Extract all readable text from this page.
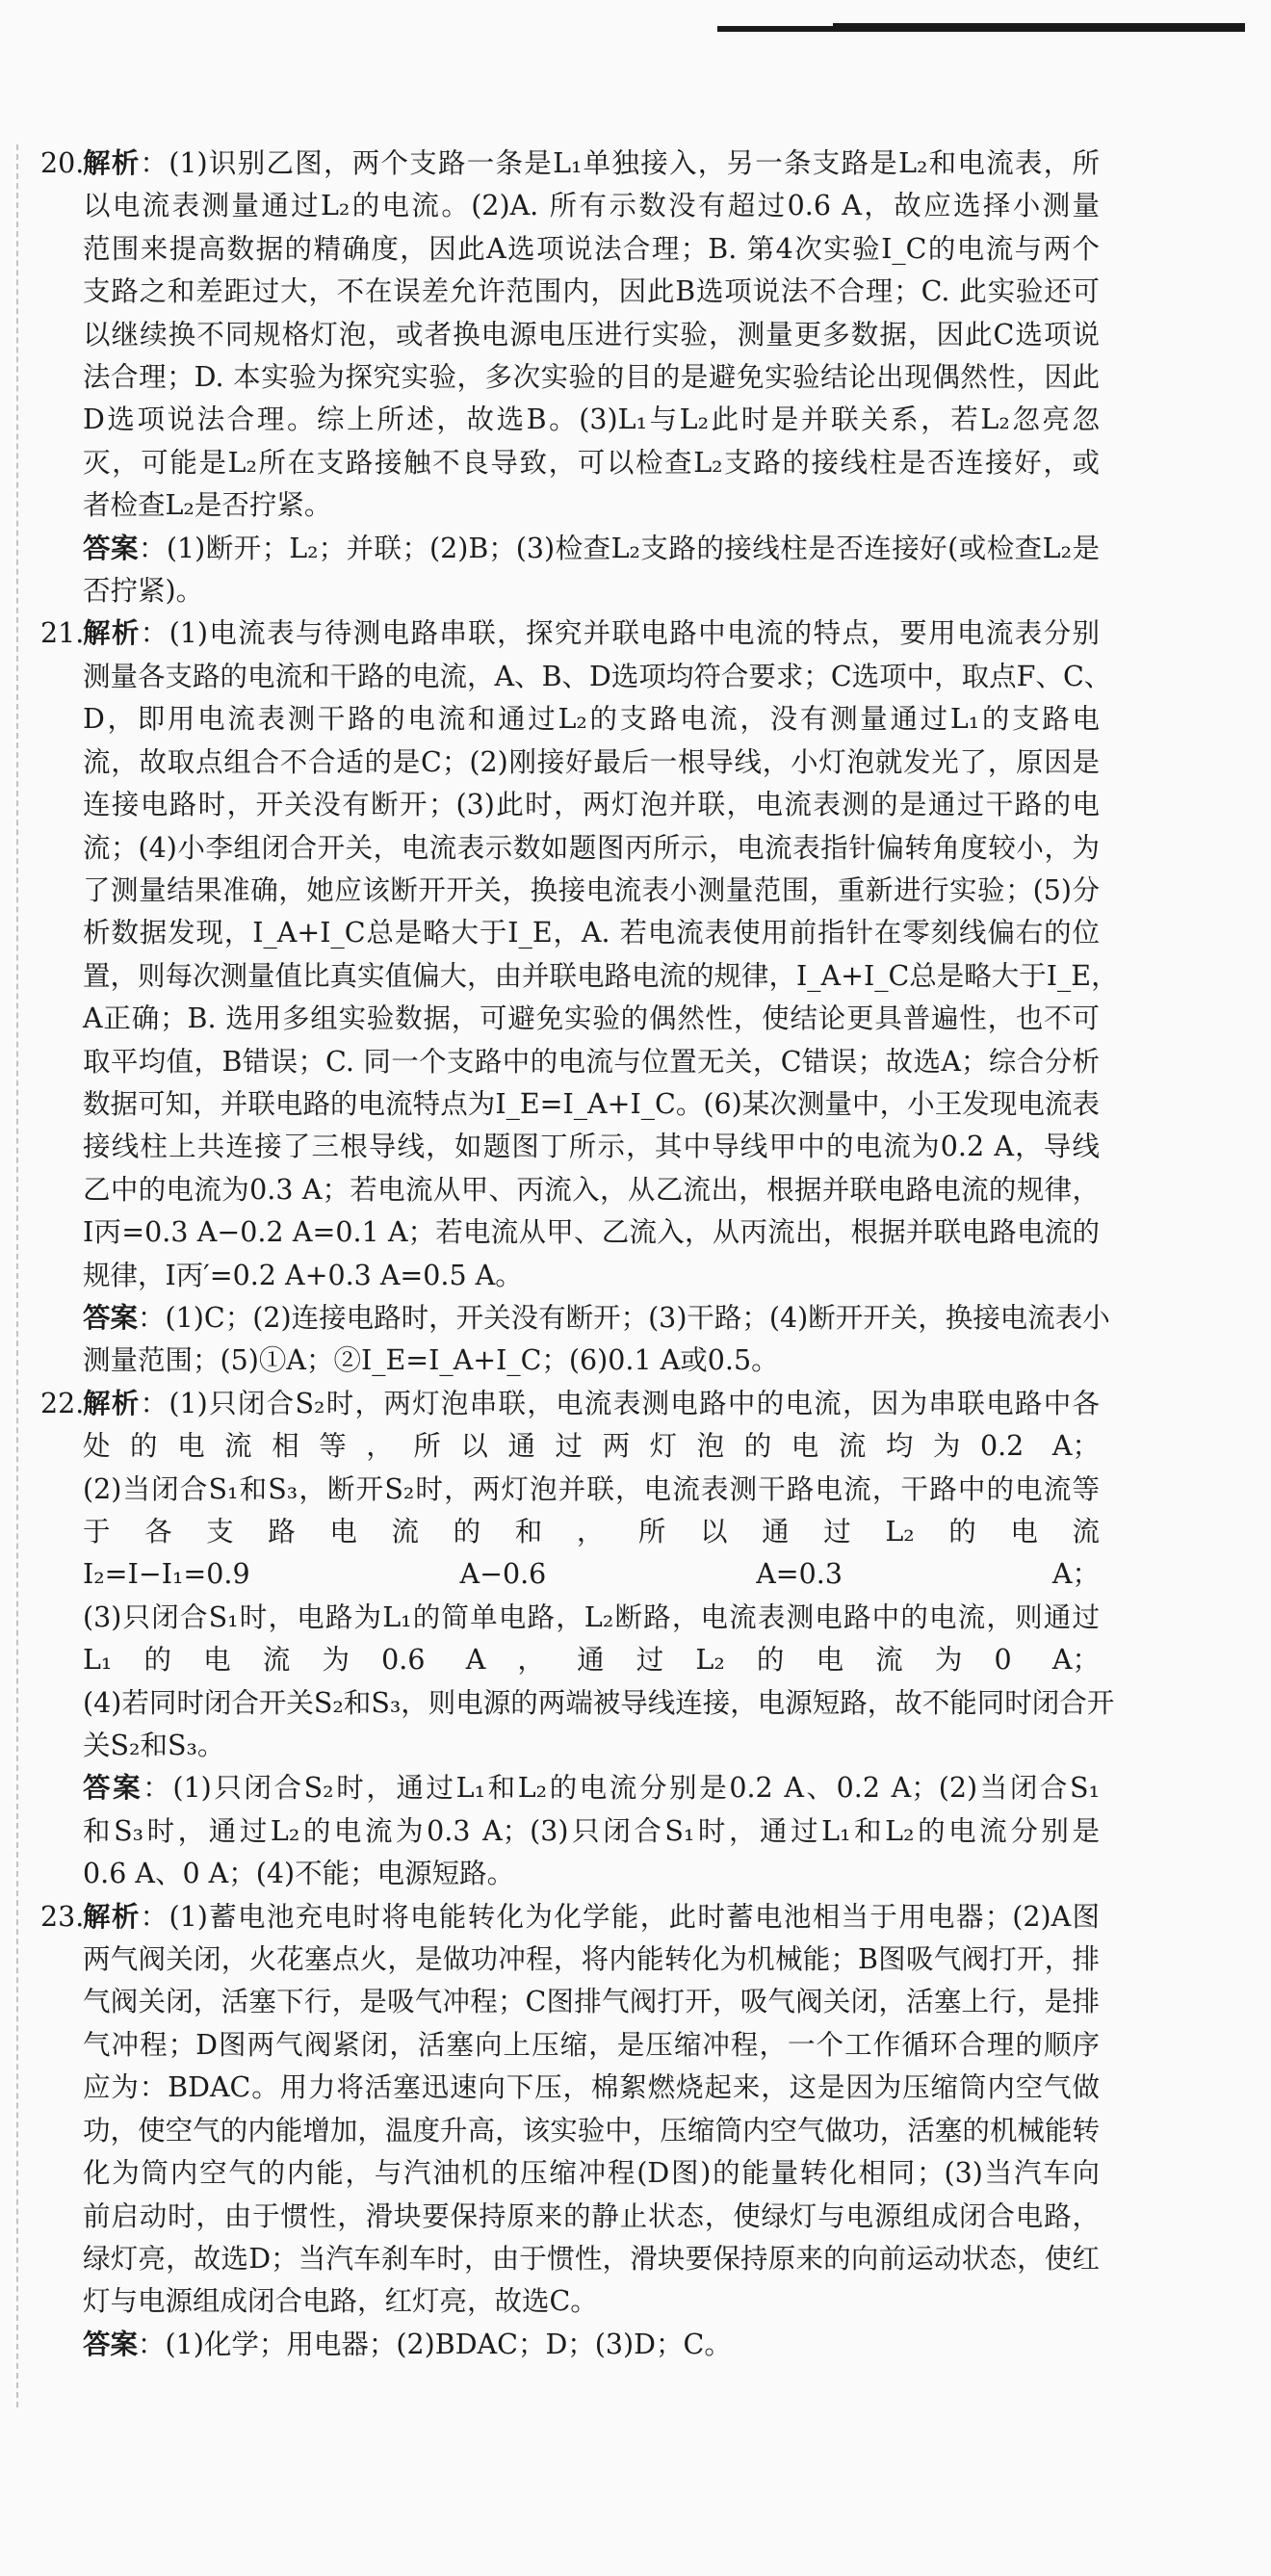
20.
解析：(1)识别乙图，两个支路一条是L₁单独接入，另一条支路是L₂和电流表，所
以电流表测量通过L₂的电流。(2)A. 所有示数没有超过0.6 A，故应选择小测量
范围来提高数据的精确度，因此A选项说法合理；B. 第4次实验I_C的电流与两个
支路之和差距过大，不在误差允许范围内，因此B选项说法不合理；C. 此实验还可
以继续换不同规格灯泡，或者换电源电压进行实验，测量更多数据，因此C选项说
法合理；D. 本实验为探究实验，多次实验的目的是避免实验结论出现偶然性，因此
D选项说法合理。综上所述，故选B。(3)L₁与L₂此时是并联关系，若L₂忽亮忽
灭，可能是L₂所在支路接触不良导致，可以检查L₂支路的接线柱是否连接好，或
者检查L₂是否拧紧。
答案：(1)断开；L₂；并联；(2)B；(3)检查L₂支路的接线柱是否连接好(或检查L₂是
否拧紧)。
21.
解析：(1)电流表与待测电路串联，探究并联电路中电流的特点，要用电流表分别
测量各支路的电流和干路的电流，A、B、D选项均符合要求；C选项中，取点F、C、
D，即用电流表测干路的电流和通过L₂的支路电流，没有测量通过L₁的支路电
流，故取点组合不合适的是C；(2)刚接好最后一根导线，小灯泡就发光了，原因是
连接电路时，开关没有断开；(3)此时，两灯泡并联，电流表测的是通过干路的电
流；(4)小李组闭合开关，电流表示数如题图丙所示，电流表指针偏转角度较小，为
了测量结果准确，她应该断开开关，换接电流表小测量范围，重新进行实验；(5)分
析数据发现，I_A+I_C总是略大于I_E，A. 若电流表使用前指针在零刻线偏右的位
置，则每次测量值比真实值偏大，由并联电路电流的规律，I_A+I_C总是略大于I_E，
A正确；B. 选用多组实验数据，可避免实验的偶然性，使结论更具普遍性，也不可
取平均值，B错误；C. 同一个支路中的电流与位置无关，C错误；故选A；综合分析
数据可知，并联电路的电流特点为I_E=I_A+I_C。(6)某次测量中，小王发现电流表
接线柱上共连接了三根导线，如题图丁所示，其中导线甲中的电流为0.2 A，导线
乙中的电流为0.3 A；若电流从甲、丙流入，从乙流出，根据并联电路电流的规律，
I丙=0.3 A−0.2 A=0.1 A；若电流从甲、乙流入，从丙流出，根据并联电路电流的
规律，I丙′=0.2 A+0.3 A=0.5 A。
答案：(1)C；(2)连接电路时，开关没有断开；(3)干路；(4)断开开关，换接电流表小
测量范围；(5)①A；②I_E=I_A+I_C；(6)0.1 A或0.5。
22.
解析：(1)只闭合S₂时，两灯泡串联，电流表测电路中的电流，因为串联电路中各
处的电流相等，所以通过两灯泡的电流均为0.2 A；
(2)当闭合S₁和S₃，断开S₂时，两灯泡并联，电流表测干路电流，干路中的电流等
于各支路电流的和，所以通过L₂的电流
I₂=I−I₁=0.9 A−0.6 A=0.3 A；
(3)只闭合S₁时，电路为L₁的简单电路，L₂断路，电流表测电路中的电流，则通过
L₁的电流为0.6 A，通过L₂的电流为0 A；
(4)若同时闭合开关S₂和S₃，则电源的两端被导线连接，电源短路，故不能同时闭合开
关S₂和S₃。
答案：(1)只闭合S₂时，通过L₁和L₂的电流分别是0.2 A、0.2 A；(2)当闭合S₁
和S₃时，通过L₂的电流为0.3 A；(3)只闭合S₁时，通过L₁和L₂的电流分别是
0.6 A、0 A；(4)不能；电源短路。
23.
解析：(1)蓄电池充电时将电能转化为化学能，此时蓄电池相当于用电器；(2)A图
两气阀关闭，火花塞点火，是做功冲程，将内能转化为机械能；B图吸气阀打开，排
气阀关闭，活塞下行，是吸气冲程；C图排气阀打开，吸气阀关闭，活塞上行，是排
气冲程；D图两气阀紧闭，活塞向上压缩，是压缩冲程，一个工作循环合理的顺序
应为：BDAC。用力将活塞迅速向下压，棉絮燃烧起来，这是因为压缩筒内空气做
功，使空气的内能增加，温度升高，该实验中，压缩筒内空气做功，活塞的机械能转
化为筒内空气的内能，与汽油机的压缩冲程(D图)的能量转化相同；(3)当汽车向
前启动时，由于惯性，滑块要保持原来的静止状态，使绿灯与电源组成闭合电路，
绿灯亮，故选D；当汽车刹车时，由于惯性，滑块要保持原来的向前运动状态，使红
灯与电源组成闭合电路，红灯亮，故选C。
答案：(1)化学；用电器；(2)BDAC；D；(3)D；C。
